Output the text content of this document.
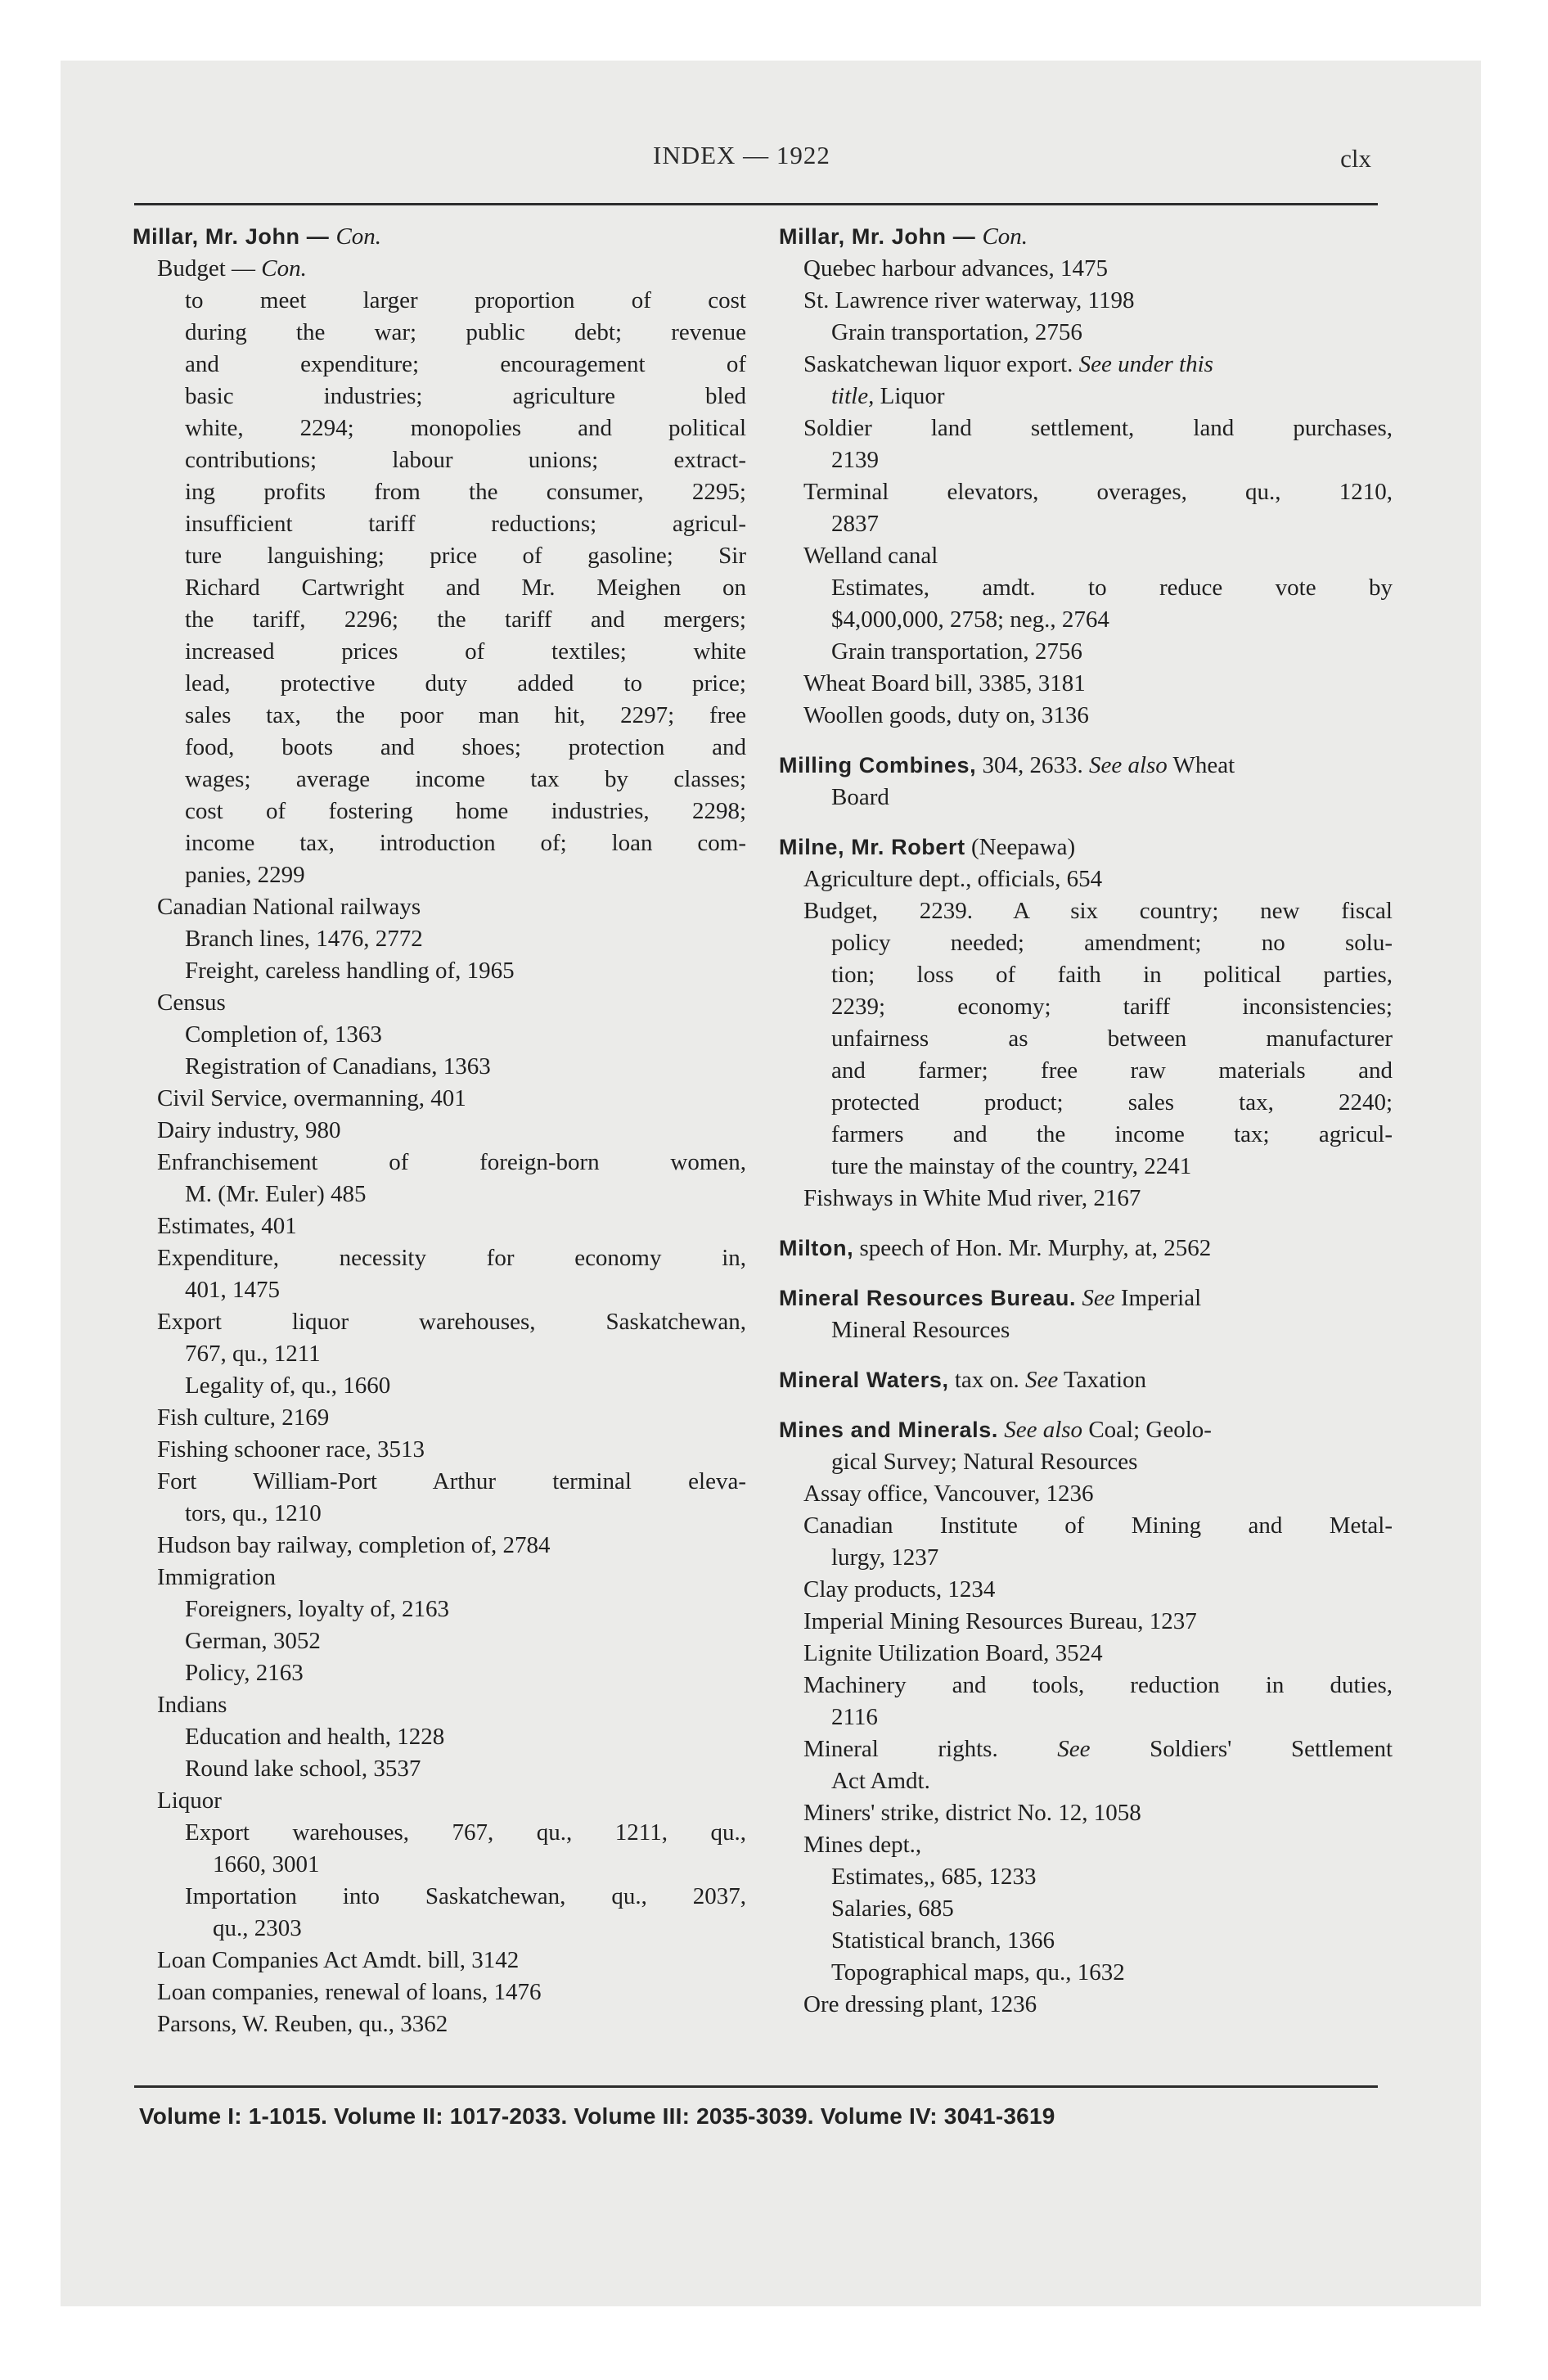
INDEX — 1922	clx
Millar, Mr. John — Con.
Budget — Con.
to meet larger proportion of cost
during the war; public debt; revenue
and expenditure; encouragement of
basic industries; agriculture bled
white, 2294; monopolies and political
contributions; labour unions; extract-
ing profits from the consumer, 2295;
insufficient tariff reductions; agricul-
ture languishing; price of gasoline; Sir
Richard Cartwright and Mr. Meighen on
the tariff, 2296; the tariff and mergers;
increased prices of textiles; white
lead, protective duty added to price;
sales tax, the poor man hit, 2297; free
food, boots and shoes; protection and
wages; average income tax by classes;
cost of fostering home industries, 2298;
income tax, introduction of; loan com-
panies, 2299
Canadian National railways
Branch lines, 1476, 2772
Freight, careless handling of, 1965
Census
Completion of, 1363
Registration of Canadians, 1363
Civil Service, overmanning, 401
Dairy industry, 980
Enfranchisement of foreign-born women,
M. (Mr. Euler) 485
Estimates, 401
Expenditure, necessity for economy in,
401, 1475
Export liquor warehouses, Saskatchewan,
767, qu., 1211
Legality of, qu., 1660
Fish culture, 2169
Fishing schooner race, 3513
Fort William-Port Arthur terminal eleva-
tors, qu., 1210
Hudson bay railway, completion of, 2784
Immigration
Foreigners, loyalty of, 2163
German, 3052
Policy, 2163
Indians
Education and health, 1228
Round lake school, 3537
Liquor
Export warehouses, 767, qu., 1211, qu.,
1660, 3001
Importation into Saskatchewan, qu., 2037,
qu., 2303
Loan Companies Act Amdt. bill, 3142
Loan companies, renewal of loans, 1476
Parsons, W. Reuben, qu., 3362
Millar, Mr. John — Con.
Quebec harbour advances, 1475
St. Lawrence river waterway, 1198
Grain transportation, 2756
Saskatchewan liquor export. See under this
title, Liquor
Soldier land settlement, land purchases,
2139
Terminal elevators, overages, qu., 1210,
2837
Welland canal
Estimates, amdt. to reduce vote by
$4,000,000, 2758; neg., 2764
Grain transportation, 2756
Wheat Board bill, 3385, 3181
Woollen goods, duty on, 3136
Milling Combines, 304, 2633. See also Wheat
Board
Milne, Mr. Robert (Neepawa)
Agriculture dept., officials, 654
Budget, 2239. A six country; new fiscal
policy needed; amendment; no solu-
tion; loss of faith in political parties,
2239; economy; tariff inconsistencies;
unfairness as between manufacturer
and farmer; free raw materials and
protected product; sales tax, 2240;
farmers and the income tax; agricul-
ture the mainstay of the country, 2241
Fishways in White Mud river, 2167
Milton, speech of Hon. Mr. Murphy, at, 2562
Mineral Resources Bureau. See Imperial
Mineral Resources
Mineral Waters, tax on. See Taxation
Mines and Minerals. See also Coal; Geolo-
gical Survey; Natural Resources
Assay office, Vancouver, 1236
Canadian Institute of Mining and Metal-
lurgy, 1237
Clay products, 1234
Imperial Mining Resources Bureau, 1237
Lignite Utilization Board, 3524
Machinery and tools, reduction in duties,
2116
Mineral rights. See Soldiers' Settlement
Act Amdt.
Miners' strike, district No. 12, 1058
Mines dept.,
Estimates,, 685, 1233
Salaries, 685
Statistical branch, 1366
Topographical maps, qu., 1632
Ore dressing plant, 1236
Volume I: 1-1015. Volume II: 1017-2033. Volume III: 2035-3039. Volume IV: 3041-3619
